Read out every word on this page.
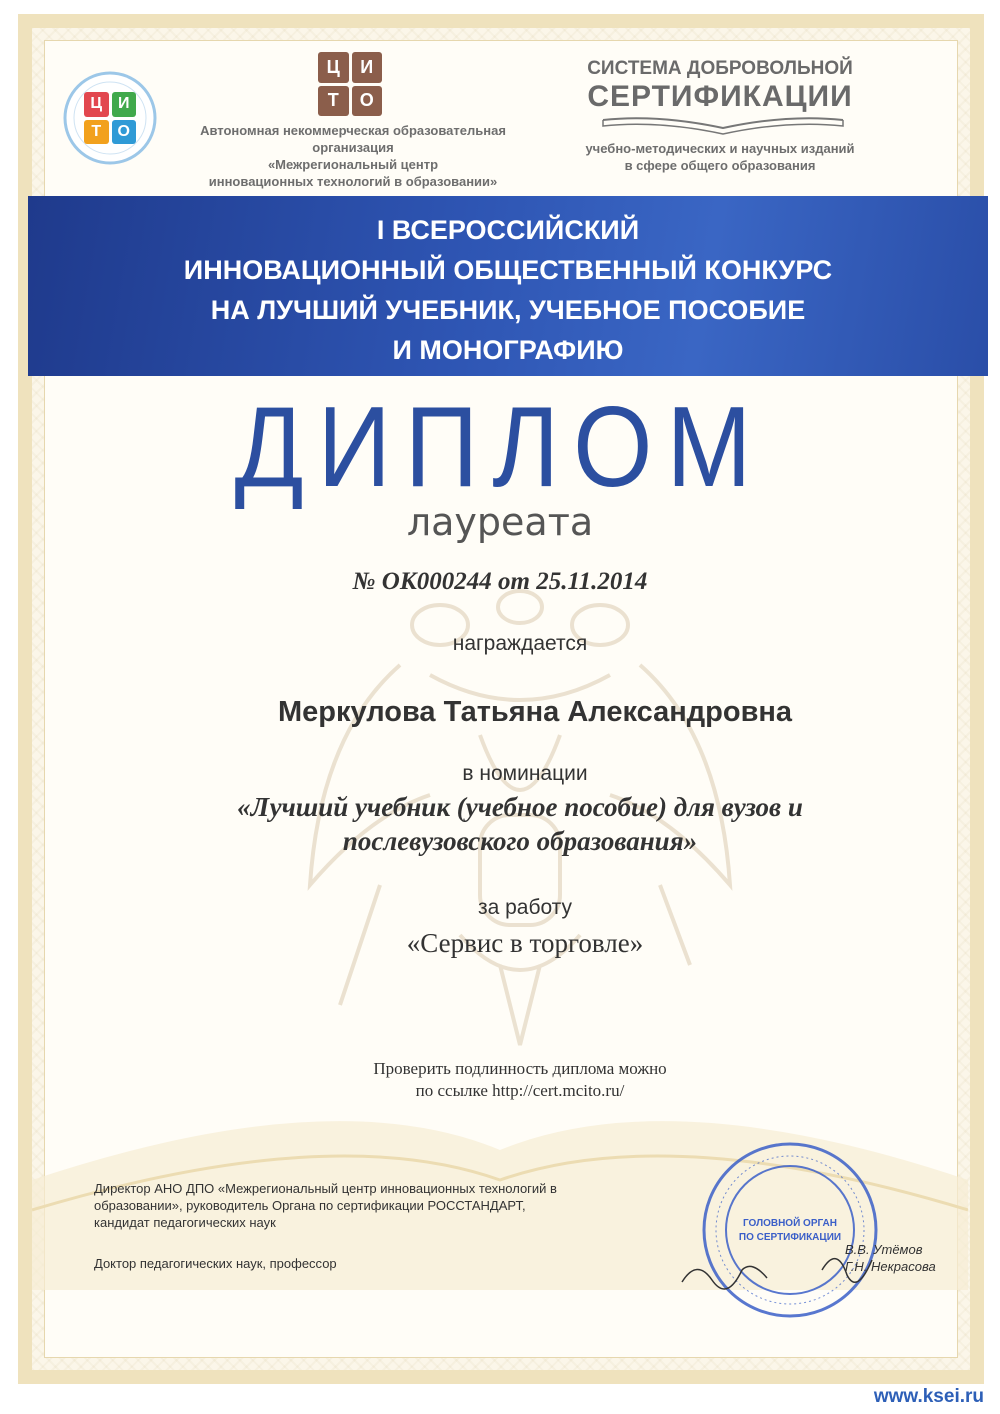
Ц И
Т	О
Ц	И
Т	О
Автономная некоммерческая образовательная организация
«Межрегиональный центр
инновационных технологий в образовании»
СИСТЕМА ДОБРОВОЛЬНОЙ
СЕРТИФИКАЦИИ
учебно-методических и научных изданий
в сфере общего образования
I ВСЕРОССИЙСКИЙ
ИННОВАЦИОННЫЙ ОБЩЕСТВЕННЫЙ КОНКУРС
НА ЛУЧШИЙ УЧЕБНИК, УЧЕБНОЕ ПОСОБИЕ
И МОНОГРАФИЮ
ДИПЛОМ
лауреата
№ ОК000244 от 25.11.2014
награждается
Меркулова Татьяна Александровна
в номинации
«Лучший учебник (учебное пособие) для вузов и
послевузовского образования»
за работу
«Сервис в торговле»
Проверить подлинность диплома можно
по ссылке http://cert.mcito.ru/
Директор АНО ДПО «Межрегиональный центр инновационных технологий в
образовании», руководитель Органа по сертификации РОССТАНДАРТ,
кандидат педагогических наук
Доктор педагогических наук, профессор
ГОЛОВНОЙ ОРГАН
ПО СЕРТИФИКАЦИИ
В.В. Утёмов
Г.Н. Некрасова
www.ksei.ru
